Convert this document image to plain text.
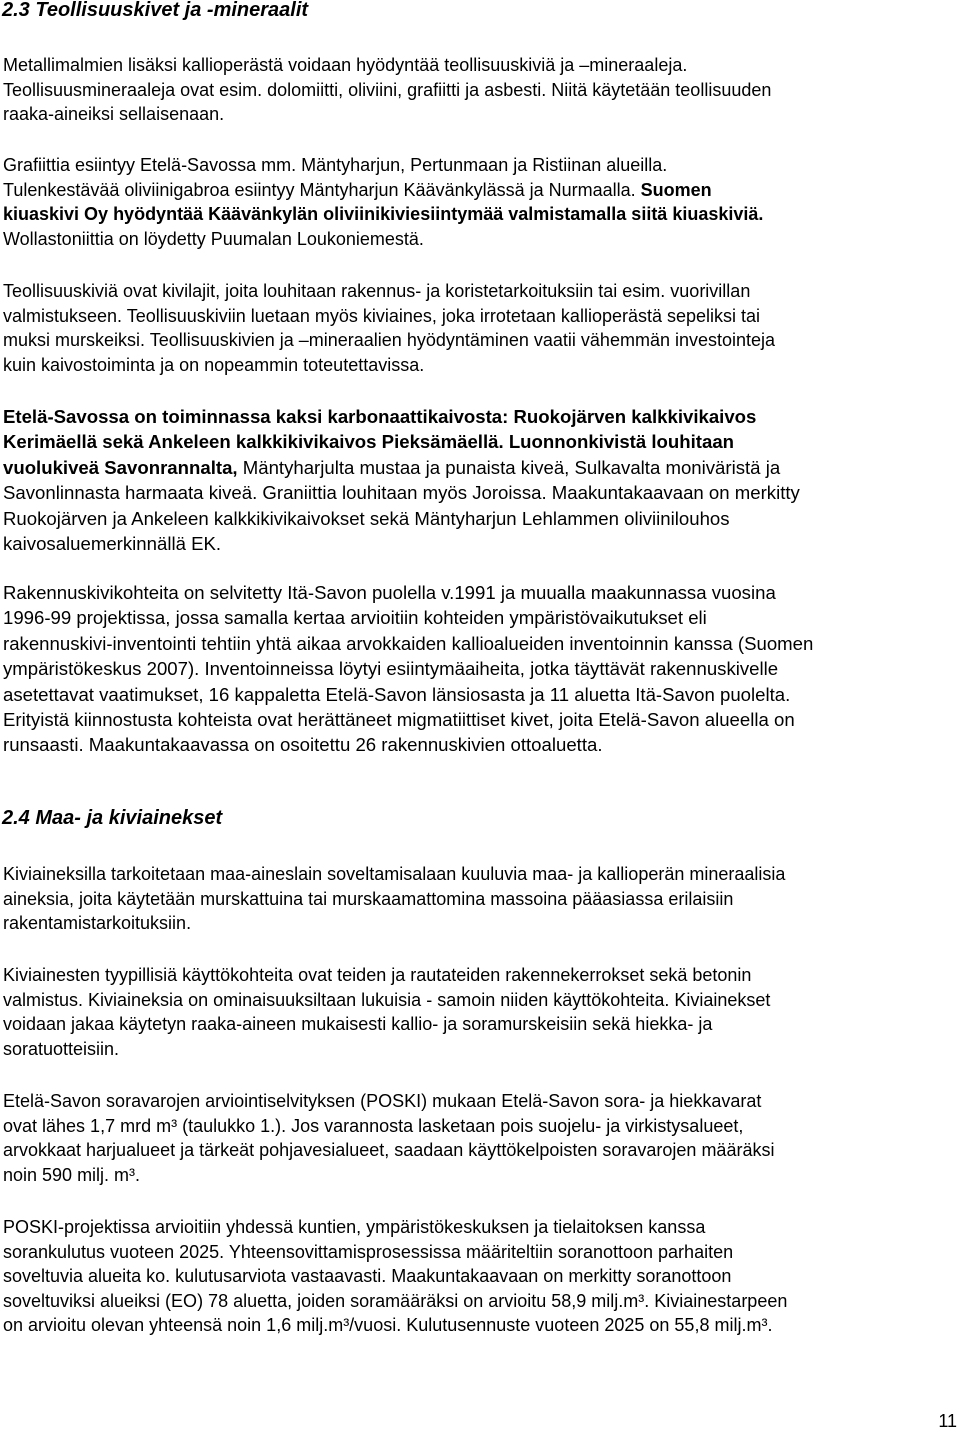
2.3 Teollisuuskivet ja -mineraalit

Metallimalmien lisäksi kallioperästä voidaan hyödyntää teollisuuskiviä ja –mineraaleja.
Teollisuusmineraaleja ovat esim. dolomiitti, oliviini, grafiitti ja asbesti. Niitä käytetään teollisuuden
raaka-aineiksi sellaisenaan.

Grafiittia esiintyy Etelä-Savossa mm. Mäntyharjun, Pertunmaan ja Ristiinan alueilla.
Tulenkestävää oliviinigabroa esiintyy Mäntyharjun Käävänkylässä ja Nurmaalla. Suomen
kiuaskivi Oy hyödyntää Käävänkylän oliviinikiviesiintymää valmistamalla siitä kiuaskiviä.
Wollastoniittia on löydetty Puumalan Loukoniemestä.

Teollisuuskiviä ovat kivilajit, joita louhitaan rakennus- ja koristetarkoituksiin tai esim. vuorivillan
valmistukseen. Teollisuuskiviin luetaan myös kiviaines, joka irrotetaan kallioperästä sepeliksi tai
muksi murskeiksi. Teollisuuskivien ja –mineraalien hyödyntäminen vaatii vähemmän investointeja
kuin kaivostoiminta ja on nopeammin toteutettavissa.

Etelä-Savossa on toiminnassa kaksi karbonaattikaivosta: Ruokojärven kalkkivikaivos
Kerimäellä sekä Ankeleen kalkkikivikaivos Pieksämäellä. Luonnonkivistä louhitaan
vuolukiveä Savonrannalta, Mäntyharjulta mustaa ja punaista kiveä, Sulkavalta moniväristä ja
Savonlinnasta harmaata kiveä. Graniittia louhitaan myös Joroissa. Maakuntakaavaan on merkitty
Ruokojärven ja Ankeleen kalkkikivikaivokset sekä Mäntyharjun Lehlammen oliviinilouhos
kaivosaluemerkinnällä EK.

Rakennuskivikohteita on selvitetty Itä-Savon puolella v.1991 ja muualla maakunnassa vuosina
1996-99 projektissa, jossa samalla kertaa arvioitiin kohteiden ympäristövaikutukset eli
rakennuskivi-inventointi tehtiin yhtä aikaa arvokkaiden kallioalueiden inventoinnin kanssa (Suomen
ympäristökeskus 2007). Inventoinneissa löytyi esiintymäaiheita, jotka täyttävät rakennuskivelle
asetettavat vaatimukset, 16 kappaletta Etelä-Savon länsiosasta ja 11 aluetta Itä-Savon puolelta.
Erityistä kiinnostusta kohteista ovat herättäneet migmatiittiset kivet, joita Etelä-Savon alueella on
runsaasti. Maakuntakaavassa on osoitettu 26 rakennuskivien ottoaluetta.

2.4 Maa- ja kiviainekset

Kiviaineksilla tarkoitetaan maa-aineslain soveltamisalaan kuuluvia maa- ja kallioperän mineraalisia
aineksia, joita käytetään murskattuina tai murskaamattomina massoina pääasiassa erilaisiin
rakentamistarkoituksiin.

Kiviainesten tyypillisiä käyttökohteita ovat teiden ja rautateiden rakennekerrokset sekä betonin
valmistus. Kiviaineksia on ominaisuuksiltaan lukuisia - samoin niiden käyttökohteita. Kiviainekset
voidaan jakaa käytetyn raaka-aineen mukaisesti kallio- ja soramurskeisiin sekä hiekka- ja
soratuotteisiin.

Etelä-Savon soravarojen arviointiselvityksen (POSKI) mukaan Etelä-Savon sora- ja hiekkavarat
ovat lähes 1,7 mrd m³ (taulukko 1.). Jos varannosta lasketaan pois suojelu- ja virkistysalueet,
arvokkaat harjualueet ja tärkeät pohjavesialueet, saadaan käyttökelpoisten soravarojen määräksi
noin 590 milj. m³.

POSKI-projektissa arvioitiin yhdessä kuntien, ympäristökeskuksen ja tielaitoksen kanssa
sorankulutus vuoteen 2025. Yhteensovittamisprosessissa määriteltiin soranottoon parhaiten
soveltuvia alueita ko. kulutusarviota vastaavasti. Maakuntakaavaan on merkitty soranottoon
soveltuviksi alueiksi (EO) 78 aluetta, joiden soramääräksi on arvioitu 58,9 milj.m³. Kiviainestarpeen
on arvioitu olevan yhteensä noin 1,6 milj.m³/vuosi. Kulutusennuste vuoteen 2025 on 55,8 milj.m³.

11
